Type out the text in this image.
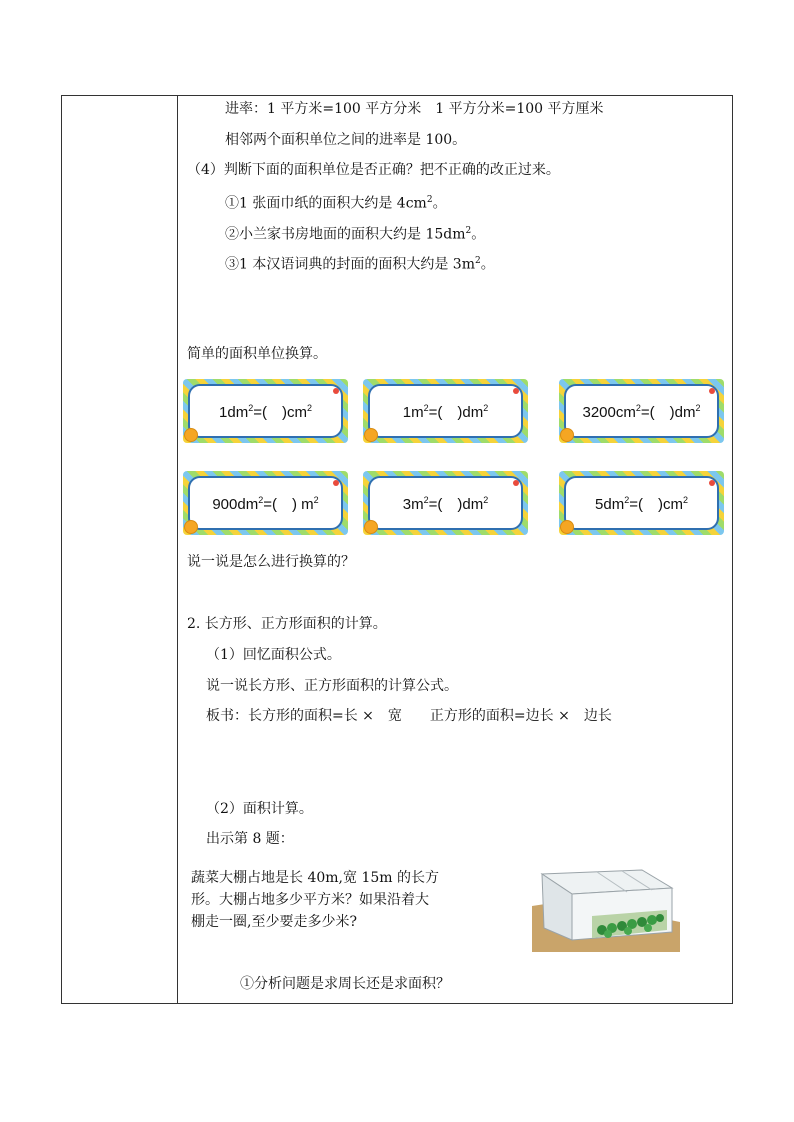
进率：1 平方米=100 平方分米　1 平方分米=100 平方厘米
相邻两个面积单位之间的进率是 100。
（4）判断下面的面积单位是否正确？把不正确的改正过来。
①1 张面巾纸的面积大约是 $4cm^2$。
②小兰家书房地面的面积大约是 $15dm^2$。
③1 本汉语词典的封面的面积大约是 $3m^2$。
简单的面积单位换算。
$1dm^2=$(　)$cm^2$	$1m^2=$(　)$dm^2$	$3200cm^2=$(　)$dm^2$
$900dm^2=$(　) $m^2$	$3m^2=$(　)$dm^2$	$5dm^2=$(　)$cm^2$
说一说是怎么进行换算的？
2. 长方形、正方形面积的计算。
（1）回忆面积公式。
说一说长方形、正方形面积的计算公式。
板书：长方形的面积=长 ×　宽　　正方形的面积=边长 ×　边长
（2）面积计算。
出示第 8 题：
蔬菜大棚占地是长 40m,宽 15m 的长方
形。大棚占地多少平方米？如果沿着大
棚走一圈,至少要走多少米?
①分析问题是求周长还是求面积？
